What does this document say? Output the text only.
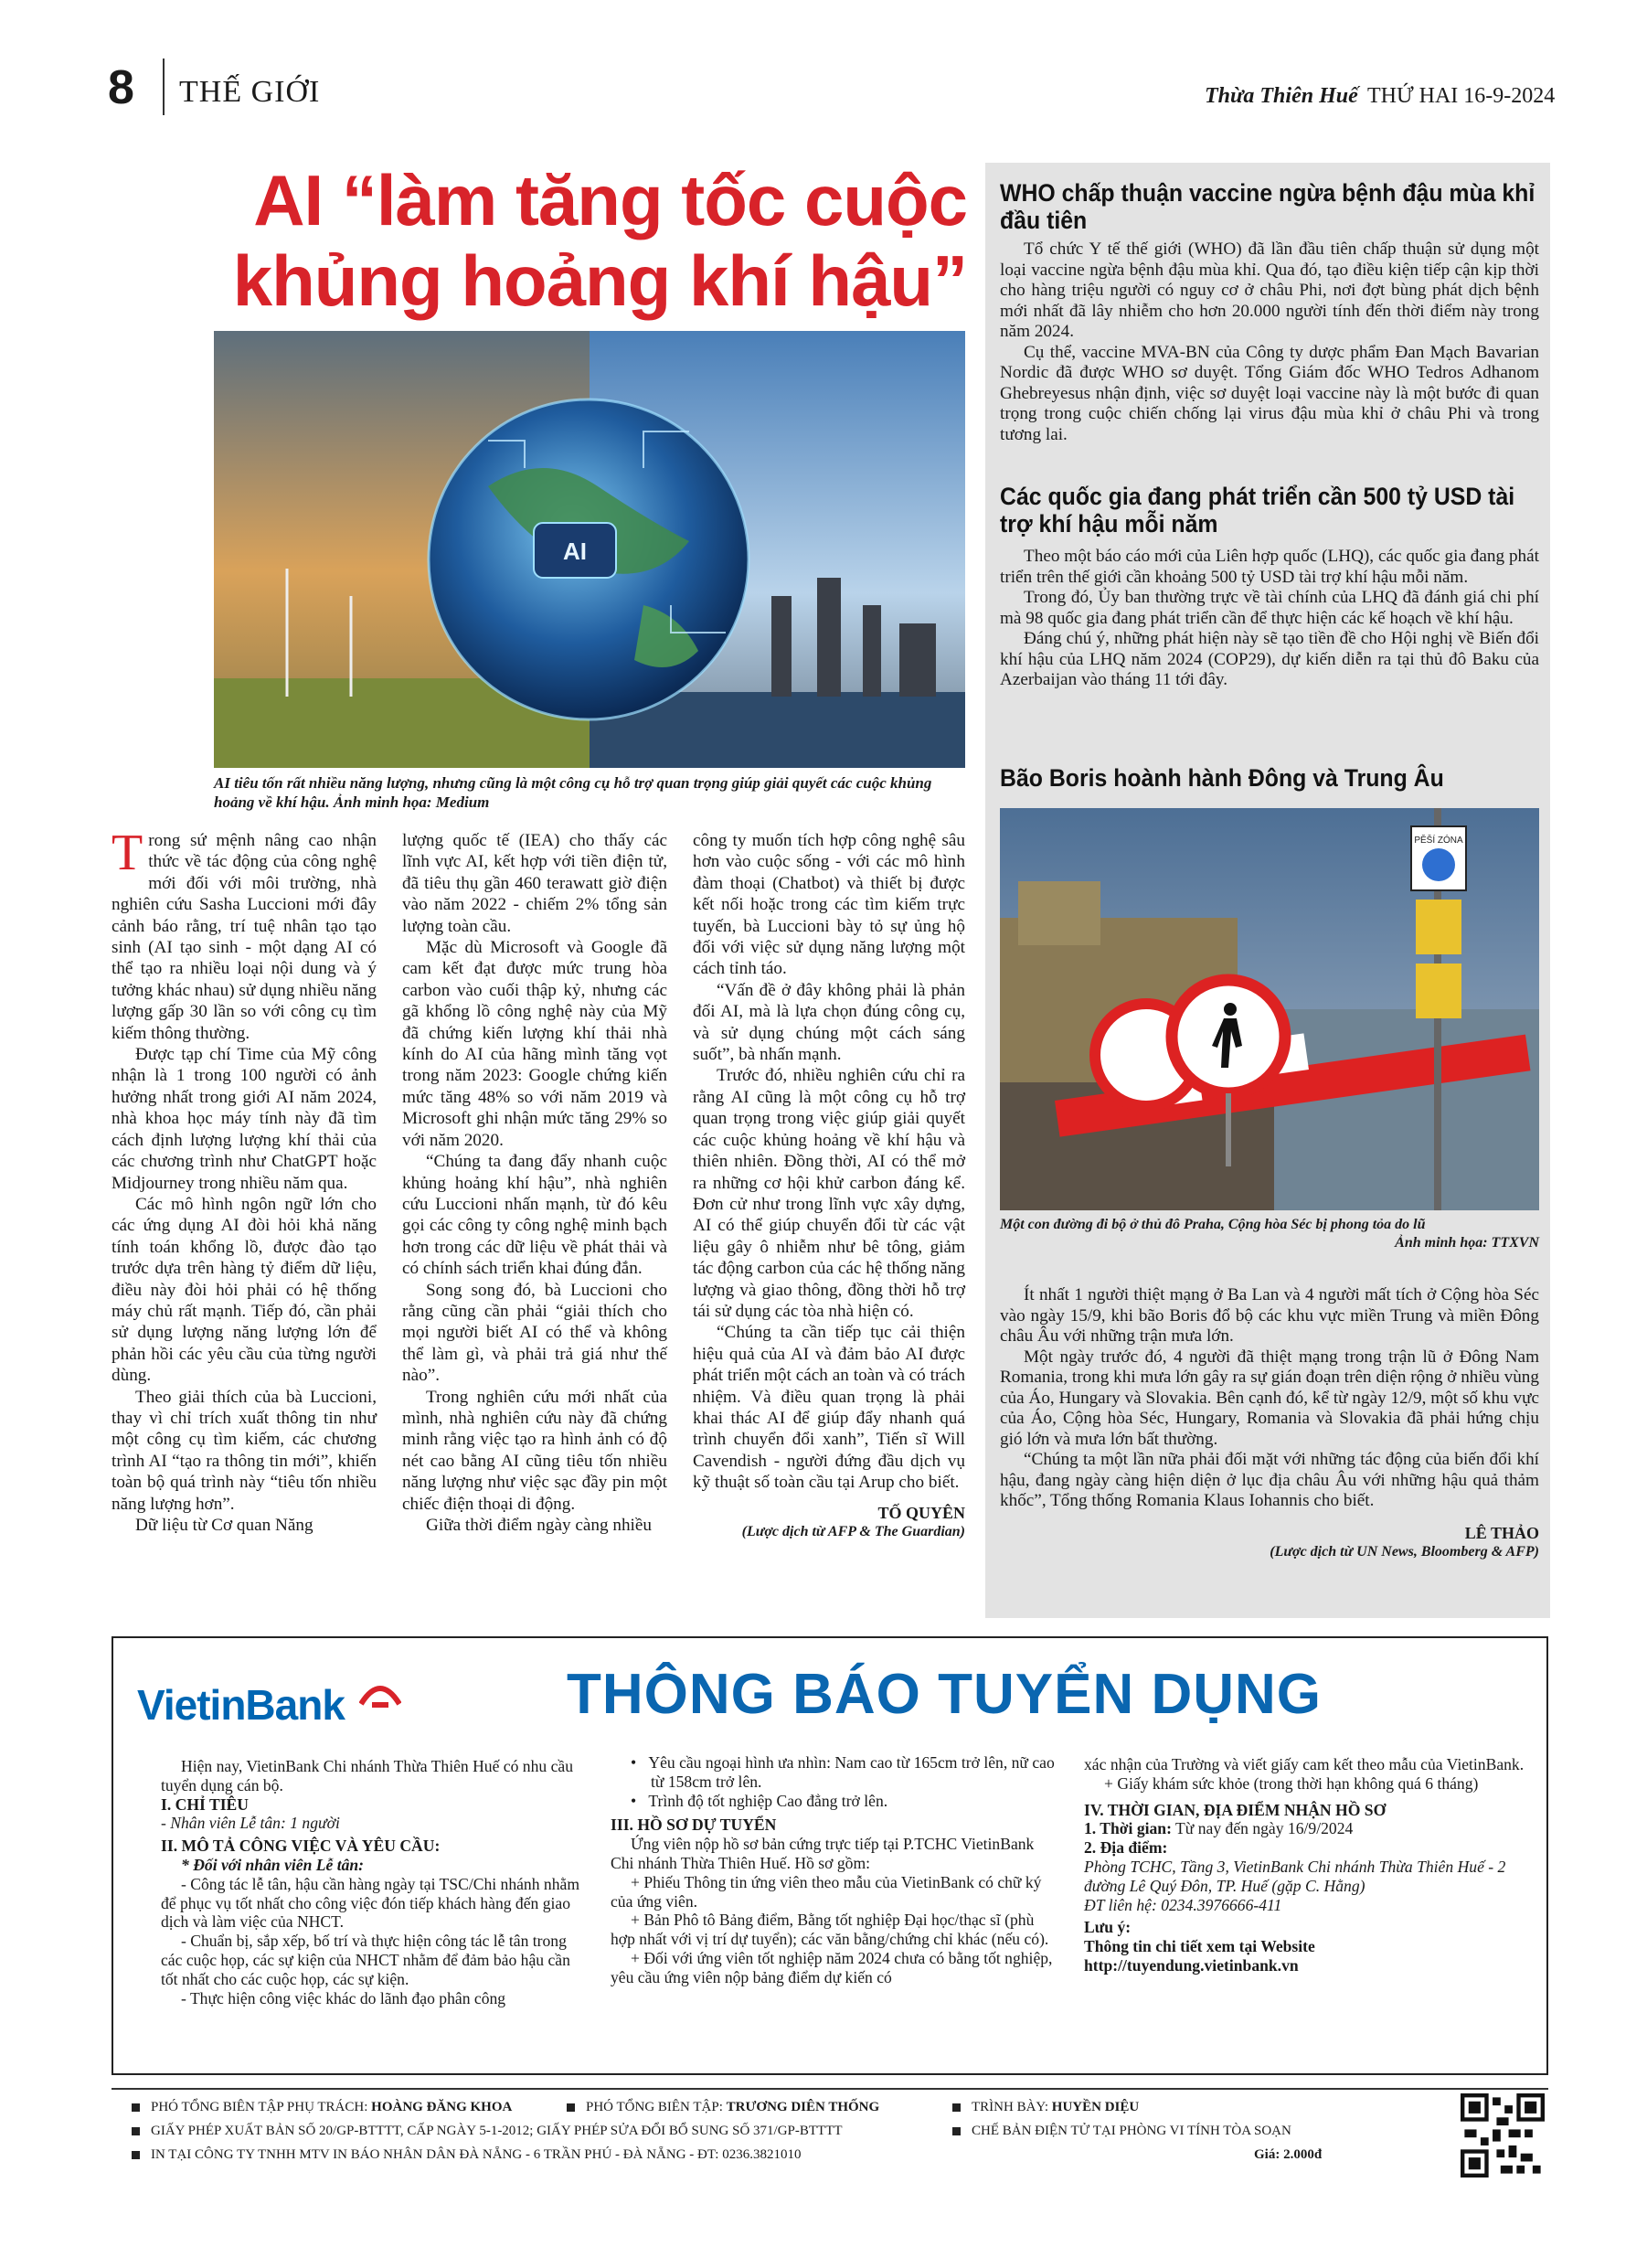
8 THẾ GIỚI	Thừa Thiên Huế THỨ HAI 16-9-2024
AI “làm tăng tốc cuộc khủng hoảng khí hậu”
AI
AI tiêu tốn rất nhiều năng lượng, nhưng cũng là một công cụ hỗ trợ quan trọng giúp giải quyết các cuộc khủng hoảng về khí hậu. Ảnh minh họa: Medium

Trong sứ mệnh nâng cao nhận thức về tác động của công nghệ mới đối với môi trường, nhà nghiên cứu Sasha Luccioni mới đây cảnh báo rằng, trí tuệ nhân tạo tạo sinh (AI tạo sinh - một dạng AI có thể tạo ra nhiều loại nội dung và ý tưởng khác nhau) sử dụng nhiều năng lượng gấp 30 lần so với công cụ tìm kiếm thông thường.

Được tạp chí Time của Mỹ công nhận là 1 trong 100 người có ảnh hưởng nhất trong giới AI năm 2024, nhà khoa học máy tính này đã tìm cách định lượng lượng khí thải của các chương trình như ChatGPT hoặc Midjourney trong nhiều năm qua.

Các mô hình ngôn ngữ lớn cho các ứng dụng AI đòi hỏi khả năng tính toán khổng lồ, được đào tạo trước dựa trên hàng tỷ điểm dữ liệu, điều này đòi hỏi phải có hệ thống máy chủ rất mạnh. Tiếp đó, cần phải sử dụng lượng năng lượng lớn để phản hồi các yêu cầu của từng người dùng.

Theo giải thích của bà Luccioni, thay vì chỉ trích xuất thông tin như một công cụ tìm kiếm, các chương trình AI “tạo ra thông tin mới”, khiến toàn bộ quá trình này “tiêu tốn nhiều năng lượng hơn”.

Dữ liệu từ Cơ quan Năng

lượng quốc tế (IEA) cho thấy các lĩnh vực AI, kết hợp với tiền điện tử, đã tiêu thụ gần 460 terawatt giờ điện vào năm 2022 - chiếm 2% tổng sản lượng toàn cầu.

Mặc dù Microsoft và Google đã cam kết đạt được mức trung hòa carbon vào cuối thập kỷ, nhưng các gã khổng lồ công nghệ này của Mỹ đã chứng kiến lượng khí thải nhà kính do AI của hãng mình tăng vọt trong năm 2023: Google chứng kiến mức tăng 48% so với năm 2019 và Microsoft ghi nhận mức tăng 29% so với năm 2020.

“Chúng ta đang đẩy nhanh cuộc khủng hoảng khí hậu”, nhà nghiên cứu Luccioni nhấn mạnh, từ đó kêu gọi các công ty công nghệ minh bạch hơn trong các dữ liệu về phát thải và có chính sách triển khai đúng đắn.

Song song đó, bà Luccioni cho rằng cũng cần phải “giải thích cho mọi người biết AI có thể và không thể làm gì, và phải trả giá như thế nào”.

Trong nghiên cứu mới nhất của mình, nhà nghiên cứu này đã chứng minh rằng việc tạo ra hình ảnh có độ nét cao bằng AI cũng tiêu tốn nhiều năng lượng như việc sạc đầy pin một chiếc điện thoại di động.

Giữa thời điểm ngày càng nhiều

công ty muốn tích hợp công nghệ sâu hơn vào cuộc sống - với các mô hình đàm thoại (Chatbot) và thiết bị được kết nối hoặc trong các tìm kiếm trực tuyến, bà Luccioni bày tỏ sự ủng hộ đối với việc sử dụng năng lượng một cách tỉnh táo.

“Vấn đề ở đây không phải là phản đối AI, mà là lựa chọn đúng công cụ, và sử dụng chúng một cách sáng suốt”, bà nhấn mạnh.

Trước đó, nhiều nghiên cứu chỉ ra rằng AI cũng là một công cụ hỗ trợ quan trọng trong việc giúp giải quyết các cuộc khủng hoảng về khí hậu và thiên nhiên. Đồng thời, AI có thể mở ra những cơ hội khử carbon đáng kể. Đơn cử như trong lĩnh vực xây dựng, AI có thể giúp chuyển đổi từ các vật liệu gây ô nhiễm như bê tông, giảm tác động carbon của các hệ thống năng lượng và giao thông, đồng thời hỗ trợ tái sử dụng các tòa nhà hiện có.

“Chúng ta cần tiếp tục cải thiện hiệu quả của AI và đảm bảo AI được phát triển một cách an toàn và có trách nhiệm. Và điều quan trọng là phải khai thác AI để giúp đẩy nhanh quá trình chuyển đổi xanh”, Tiến sĩ Will Cavendish - người đứng đầu dịch vụ kỹ thuật số toàn cầu tại Arup cho biết.

TỐ QUYÊN
(Lược dịch từ AFP & The Guardian)
WHO chấp thuận vaccine ngừa bệnh đậu mùa khỉ đầu tiên

Tổ chức Y tế thế giới (WHO) đã lần đầu tiên chấp thuận sử dụng một loại vaccine ngừa bệnh đậu mùa khỉ. Qua đó, tạo điều kiện tiếp cận kịp thời cho hàng triệu người có nguy cơ ở châu Phi, nơi đợt bùng phát dịch bệnh mới nhất đã lây nhiễm cho hơn 20.000 người tính đến thời điểm này trong năm 2024.

Cụ thể, vaccine MVA-BN của Công ty dược phẩm Đan Mạch Bavarian Nordic đã được WHO sơ duyệt. Tổng Giám đốc WHO Tedros Adhanom Ghebreyesus nhận định, việc sơ duyệt loại vaccine này là một bước đi quan trọng trong cuộc chiến chống lại virus đậu mùa khỉ ở châu Phi và trong tương lai.

Các quốc gia đang phát triển cần 500 tỷ USD tài trợ khí hậu mỗi năm

Theo một báo cáo mới của Liên hợp quốc (LHQ), các quốc gia đang phát triển trên thế giới cần khoảng 500 tỷ USD tài trợ khí hậu mỗi năm.

Trong đó, Ủy ban thường trực về tài chính của LHQ đã đánh giá chi phí mà 98 quốc gia đang phát triển cần để thực hiện các kế hoạch về khí hậu.

Đáng chú ý, những phát hiện này sẽ tạo tiền đề cho Hội nghị về Biến đổi khí hậu của LHQ năm 2024 (COP29), dự kiến diễn ra tại thủ đô Baku của Azerbaijan vào tháng 11 tới đây.

Bão Boris hoành hành Đông và Trung Âu
PĚŠÍ ZÓNA
Một con đường đi bộ ở thủ đô Praha, Cộng hòa Séc bị phong tỏa do lũ
Ảnh minh họa: TTXVN

Ít nhất 1 người thiệt mạng ở Ba Lan và 4 người mất tích ở Cộng hòa Séc vào ngày 15/9, khi bão Boris đổ bộ các khu vực miền Trung và miền Đông châu Âu với những trận mưa lớn.

Một ngày trước đó, 4 người đã thiệt mạng trong trận lũ ở Đông Nam Romania, trong khi mưa lớn gây ra sự gián đoạn trên diện rộng ở nhiều vùng của Áo, Hungary và Slovakia. Bên cạnh đó, kể từ ngày 12/9, một số khu vực của Áo, Cộng hòa Séc, Hungary, Romania và Slovakia đã phải hứng chịu gió lớn và mưa lớn bất thường.

“Chúng ta một lần nữa phải đối mặt với những tác động của biến đổi khí hậu, đang ngày càng hiện diện ở lục địa châu Âu với những hậu quả thảm khốc”, Tổng thống Romania Klaus Iohannis cho biết.

LÊ THẢO
(Lược dịch từ UN News, Bloomberg & AFP)
VietinBank	THÔNG BÁO TUYỂN DỤNG

Hiện nay, VietinBank Chi nhánh Thừa Thiên Huế có nhu cầu tuyển dụng cán bộ.

I. CHỈ TIÊU

- Nhân viên Lễ tân: 1 người

II. MÔ TẢ CÔNG VIỆC VÀ YÊU CẦU:

* Đối với nhân viên Lễ tân:

- Công tác lễ tân, hậu cần hàng ngày tại TSC/Chi nhánh nhằm để phục vụ tốt nhất cho công việc đón tiếp khách hàng đến giao dịch và làm việc của NHCT.

- Chuẩn bị, sắp xếp, bố trí và thực hiện công tác lễ tân trong các cuộc họp, các sự kiện của NHCT nhằm để đảm bảo hậu cần tốt nhất cho các cuộc họp, các sự kiện.

- Thực hiện công việc khác do lãnh đạo phân công

•   Yêu cầu ngoại hình ưa nhìn: Nam cao từ 165cm trở lên, nữ cao từ 158cm trở lên.

•   Trình độ tốt nghiệp Cao đẳng trở lên.

III. HỒ SƠ DỰ TUYỂN

Ứng viên nộp hồ sơ bản cứng trực tiếp tại P.TCHC VietinBank Chi nhánh Thừa Thiên Huế. Hồ sơ gồm:

+ Phiếu Thông tin ứng viên theo mẫu của VietinBank có chữ ký của ứng viên.

+ Bản Phô tô Bảng điểm, Bằng tốt nghiệp Đại học/thạc sĩ (phù hợp nhất với vị trí dự tuyển); các văn bằng/chứng chỉ khác (nếu có).

+ Đối với ứng viên tốt nghiệp năm 2024 chưa có bằng tốt nghiệp, yêu cầu ứng viên nộp bảng điểm dự kiến có

xác nhận của Trường và viết giấy cam kết theo mẫu của VietinBank.

+ Giấy khám sức khỏe (trong thời hạn không quá 6 tháng)

IV. THỜI GIAN, ĐỊA ĐIỂM NHẬN HỒ SƠ

1. Thời gian: Từ nay đến ngày 16/9/2024

2. Địa điểm:

Phòng TCHC, Tầng 3, VietinBank Chi nhánh Thừa Thiên Huế - 2 đường Lê Quý Đôn, TP. Huế (gặp C. Hằng)

ĐT liên hệ: 0234.3976666-411

Lưu ý:

Thông tin chi tiết xem tại Website http://tuyendung.vietinbank.vn

PHÓ TỔNG BIÊN TẬP PHỤ TRÁCH: HOÀNG ĐĂNG KHOA	PHÓ TỔNG BIÊN TẬP: TRƯƠNG DIÊN THỐNG	TRÌNH BÀY: HUYỀN DIỆU
GIẤY PHÉP XUẤT BẢN SỐ 20/GP-BTTTT, CẤP NGÀY 5-1-2012; GIẤY PHÉP SỬA ĐỔI BỔ SUNG SỐ 371/GP-BTTTT	CHẾ BẢN ĐIỆN TỬ TẠI PHÒNG VI TÍNH TÒA SOẠN
IN TẠI CÔNG TY TNHH MTV IN BÁO NHÂN DÂN ĐÀ NẴNG - 6 TRẦN PHÚ - ĐÀ NẴNG - ĐT: 0236.3821010	Giá: 2.000đ
